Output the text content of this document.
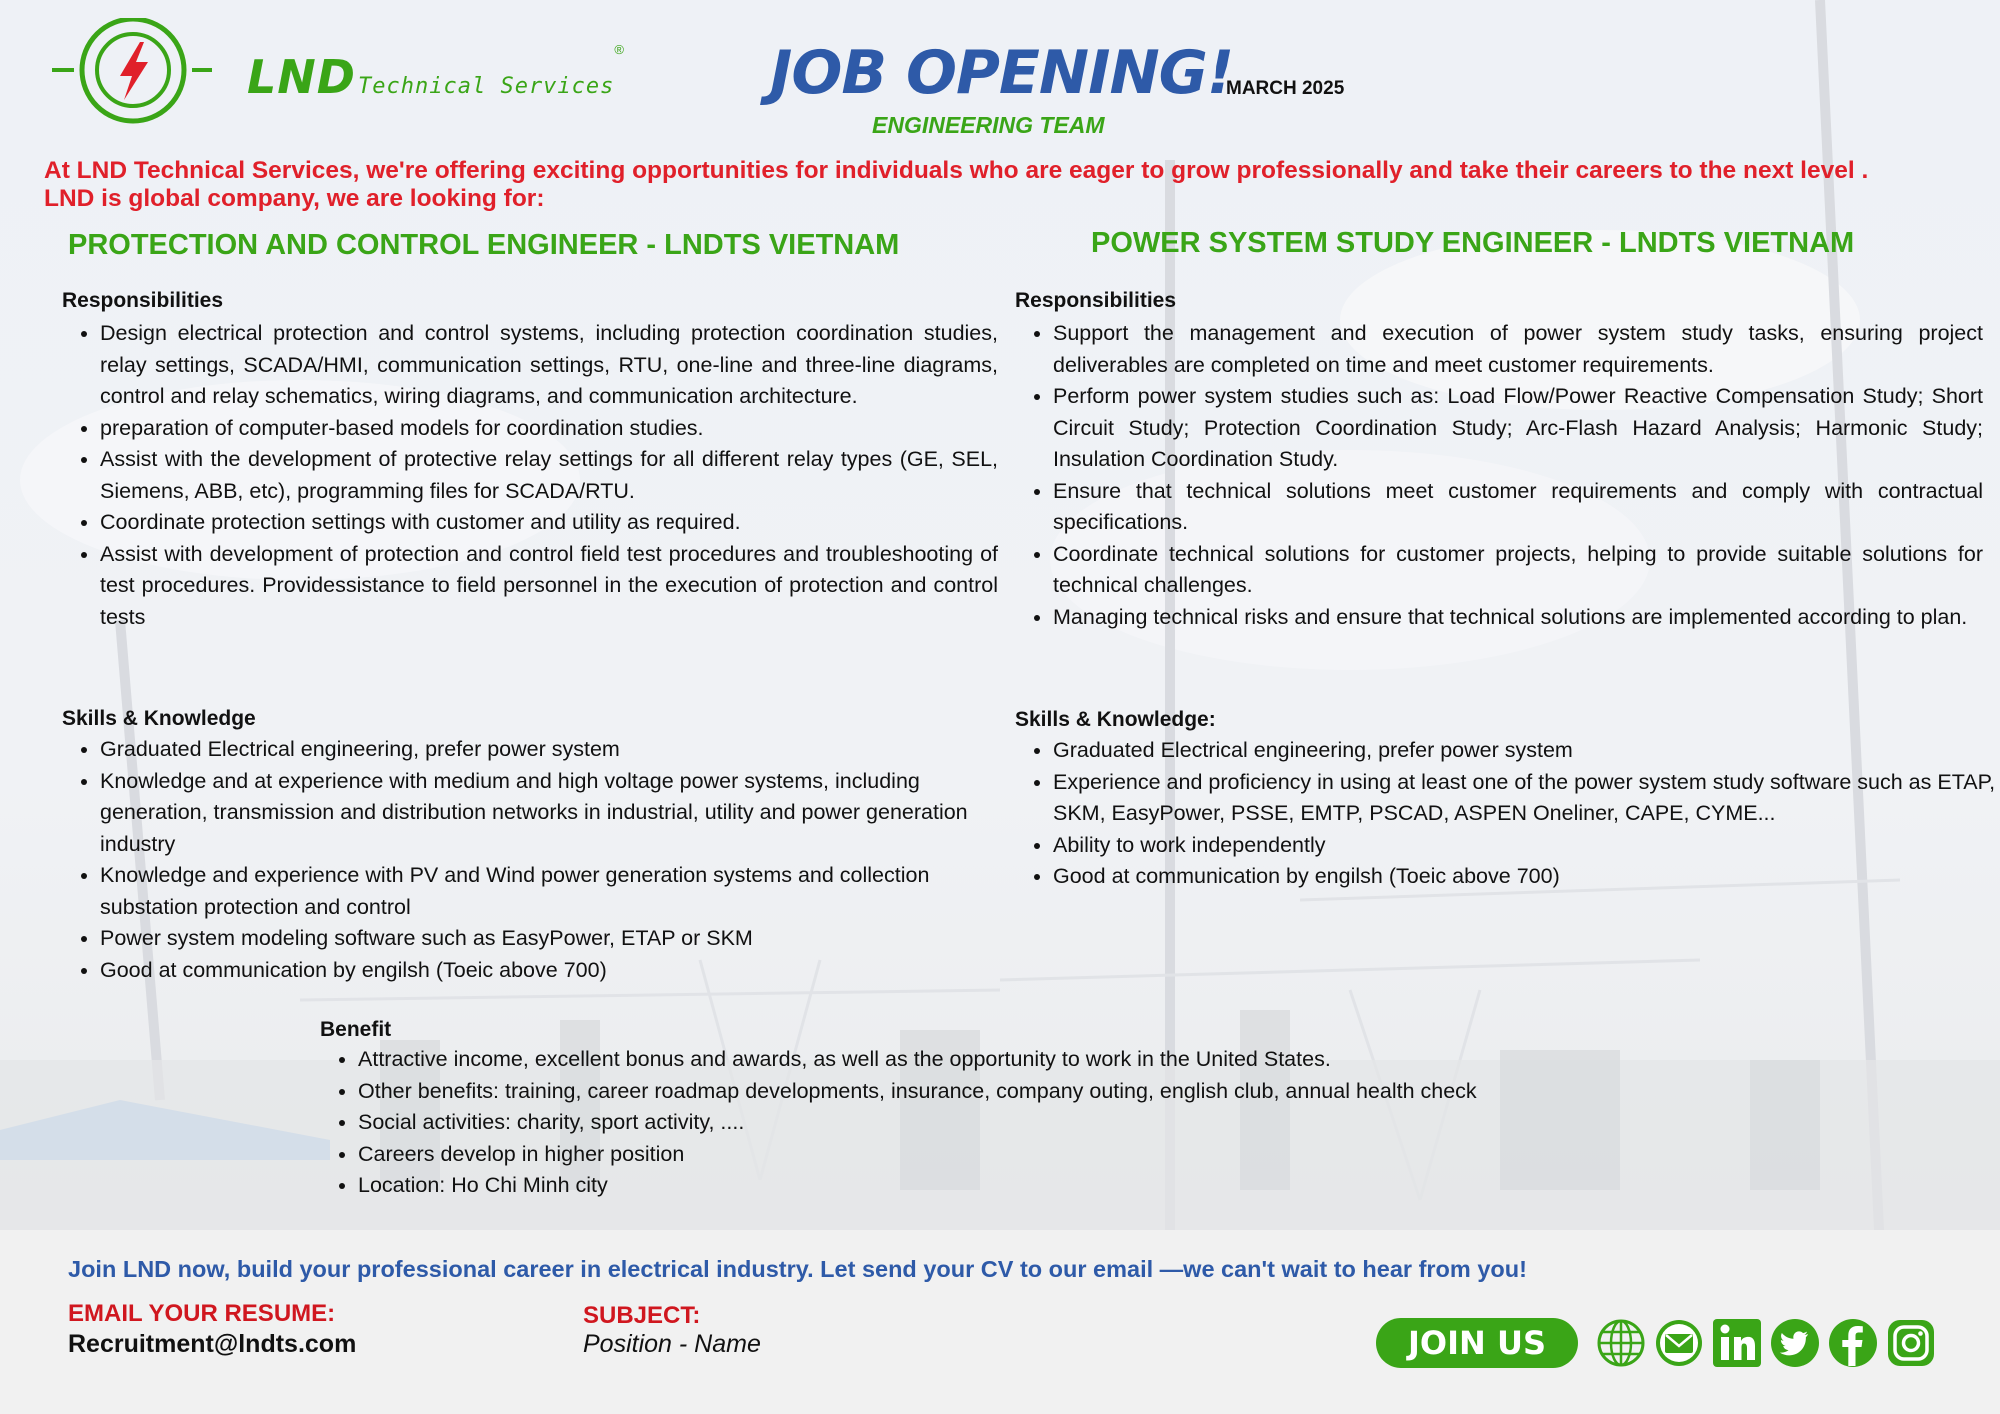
LNDTechnical Services® JOB OPENING!
MARCH 2025
ENGINEERING TEAM
At LND Technical Services, we're offering exciting opportunities for individuals who are eager to grow professionally and take their careers to the next level .
LND is global company, we are looking for:
PROTECTION AND CONTROL ENGINEER - LNDTS VIETNAM
Responsibilities
• Design electrical protection and control systems, including protection coordination studies, relay settings, SCADA/HMI, communication settings, RTU, one-line and three-line diagrams, control and relay schematics, wiring diagrams, and communication architecture.
• preparation of computer-based models for coordination studies.
• Assist with the development of protective relay settings for all different relay types (GE, SEL, Siemens, ABB, etc), programming files for SCADA/RTU.
• Coordinate protection settings with customer and utility as required.
• Assist with development of protection and control field test procedures and troubleshooting of test procedures. Providessistance to field personnel in the execution of protection and control tests
Skills & Knowledge
• Graduated Electrical engineering, prefer power system
• Knowledge and at experience with medium and high voltage power systems, including generation, transmission and distribution networks in industrial, utility and power generation industry
• Knowledge and experience with PV and Wind power generation systems and collection substation protection and control
• Power system modeling software such as EasyPower, ETAP or SKM
• Good at communication by engilsh (Toeic above 700)
POWER SYSTEM STUDY ENGINEER - LNDTS VIETNAM
Responsibilities
• Support the management and execution of power system study tasks, ensuring project deliverables are completed on time and meet customer requirements.
• Perform power system studies such as: Load Flow/Power Reactive Compensation Study; Short Circuit Study; Protection Coordination Study; Arc-Flash Hazard Analysis; Harmonic Study; Insulation Coordination Study.
• Ensure that technical solutions meet customer requirements and comply with contractual specifications.
• Coordinate technical solutions for customer projects, helping to provide suitable solutions for technical challenges.
• Managing technical risks and ensure that technical solutions are implemented according to plan.
Skills & Knowledge:
• Graduated Electrical engineering, prefer power system
• Experience and proficiency in using at least one of the power system study software such as ETAP, SKM, EasyPower, PSSE, EMTP, PSCAD, ASPEN Oneliner, CAPE, CYME...
• Ability to work independently
• Good at communication by engilsh (Toeic above 700)
Benefit
• Attractive income, excellent bonus and awards, as well as the opportunity to work in the United States.
• Other benefits: training, career roadmap developments, insurance, company outing, english club, annual health check
• Social activities: charity, sport activity, ....
• Careers develop in higher position
• Location: Ho Chi Minh city
Join LND now, build your professional career in electrical industry. Let send your CV to our email —we can't wait to hear from you!
EMAIL YOUR RESUME:
Recruitment@lndts.com
SUBJECT:
Position - Name	JOIN US
